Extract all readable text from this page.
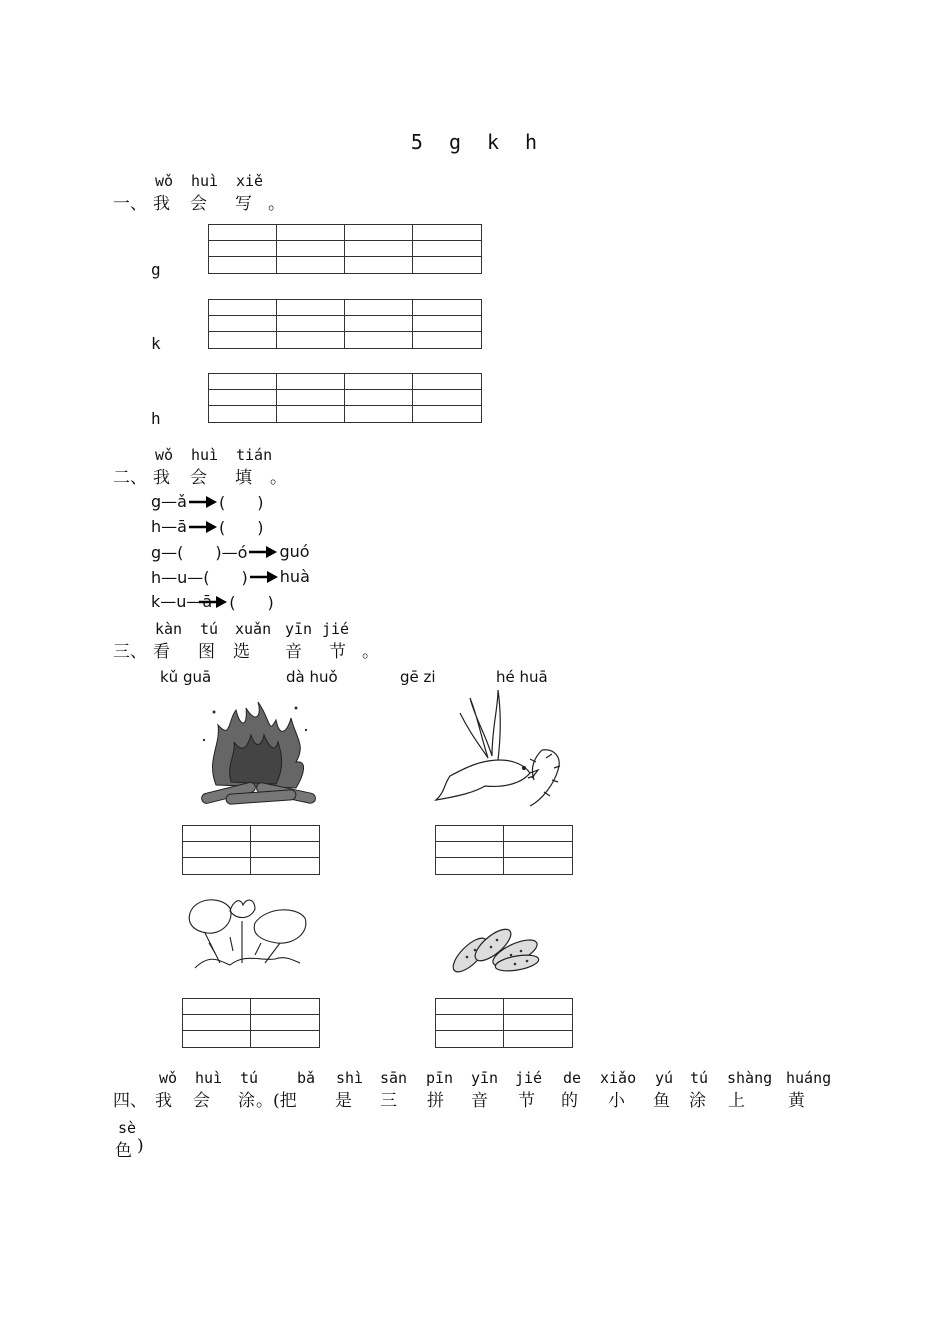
5 g k h
wǒ huì xiě
一、 我 会 写 。
g
k
h
wǒ huì tián
二、 我 会 填 。
g—ǎ (　　)
h—ā (　　)
g—(　　)—ó guó
h—u—(　　) huà
k—u—ā (　　)
kàn tú xuǎn yīn jié
三、 看 图 选 音 节 。
kǔ guā	dà huǒ	gē zi	hé huā
wǒ huì tú	bǎ shì sān pīn yīn jié de xiǎo yú tú shàng huáng
四、 我 会 涂 。(把 是 三 拼 音 节 的 小 鱼 涂 上	黄
sè
色 )
